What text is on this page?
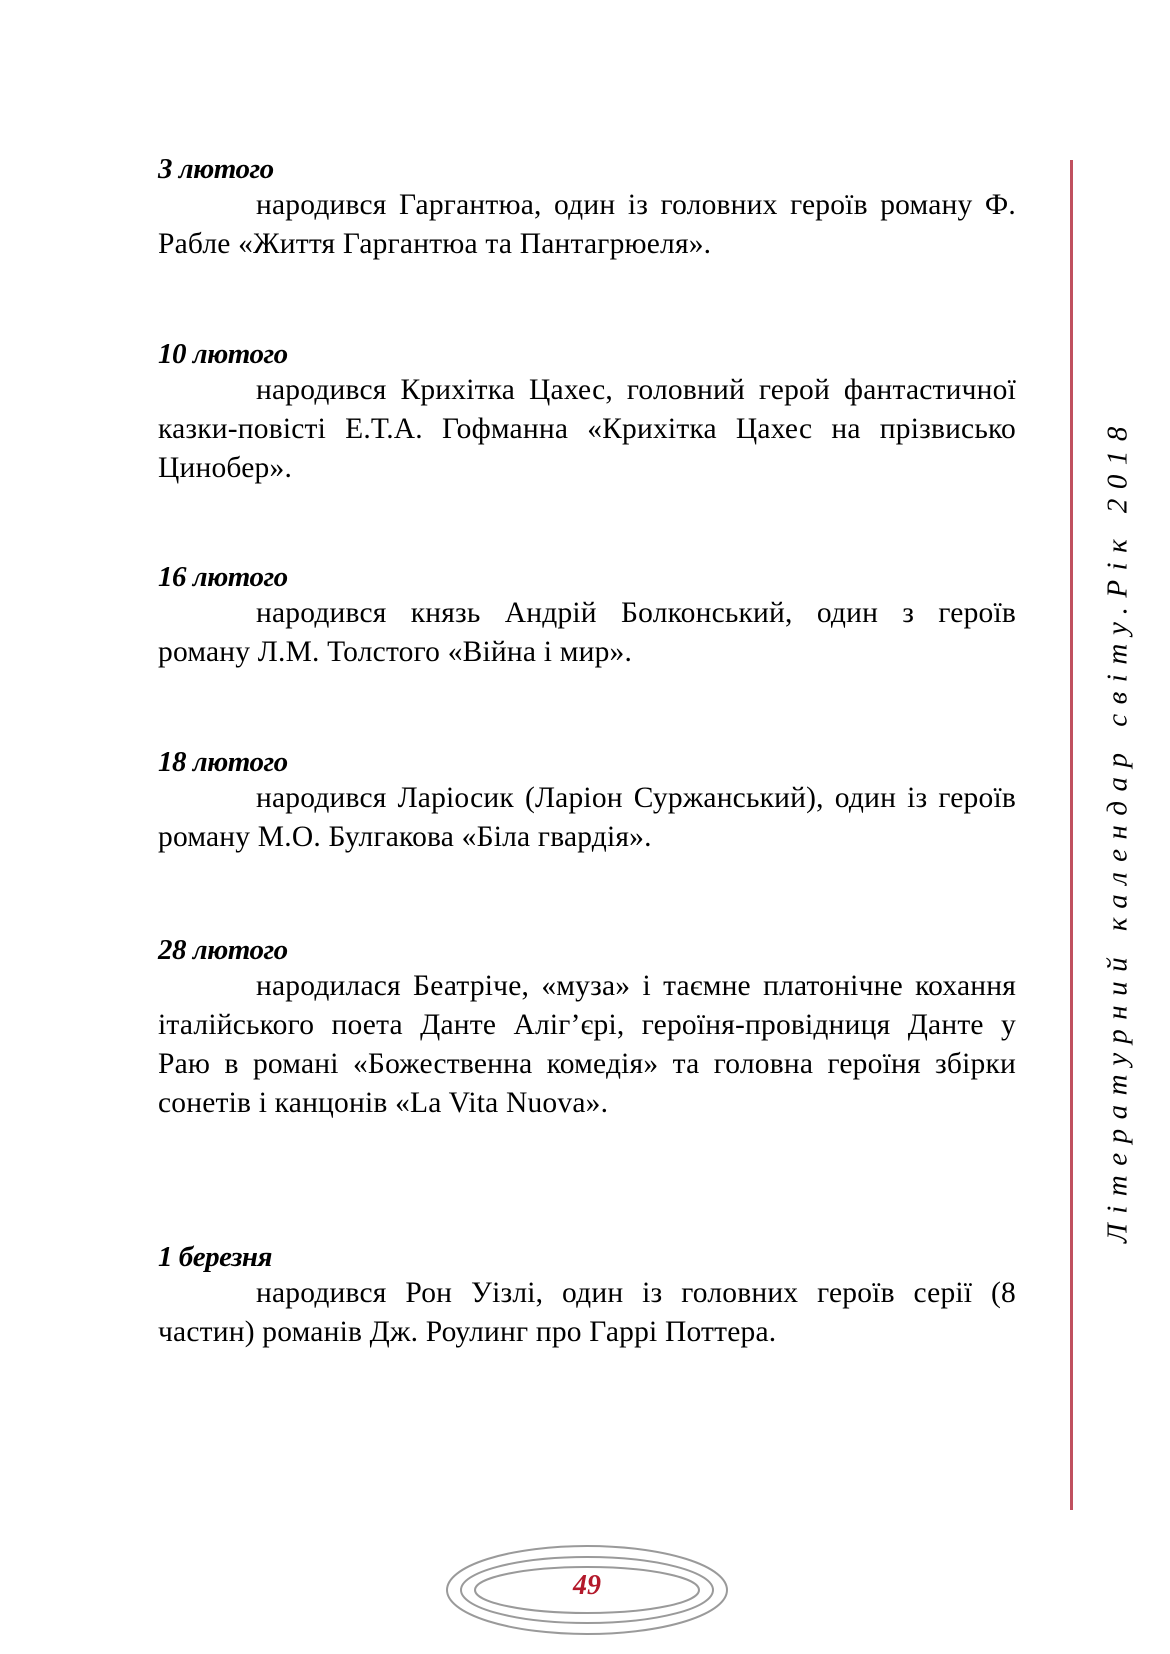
3 лютого

народився Гаргантюа, один із головних героїв роману Ф. Рабле «Життя Гаргантюа та Пантагрюеля».

10 лютого

народився Крихітка Цахес, головний герой фантастичної казки-повісті Е.Т.А. Гофманна «Крихітка Цахес на прізвисько Цинобер».

16 лютого

народився князь Андрій Болконський, один з героїв роману Л.М. Толстого «Війна і мир».

18 лютого

народився Ларіосик (Ларіон Суржанський), один із героїв роману М.О. Булгакова «Біла гвардія».

28 лютого

народилася Беатріче, «муза» і таємне платонічне кохання італійського поета Данте Аліг’єрі, героїня-провідниця Данте у Раю в романі «Божественна комедія» та головна героїня збірки сонетів і канцонів «La Vita Nuova».

1 березня

народився Рон Уізлі, один із головних героїв серії (8 частин) романів Дж. Роулинг про Гаррі Поттера.

Літературний календар світу.Рік 2018
49
